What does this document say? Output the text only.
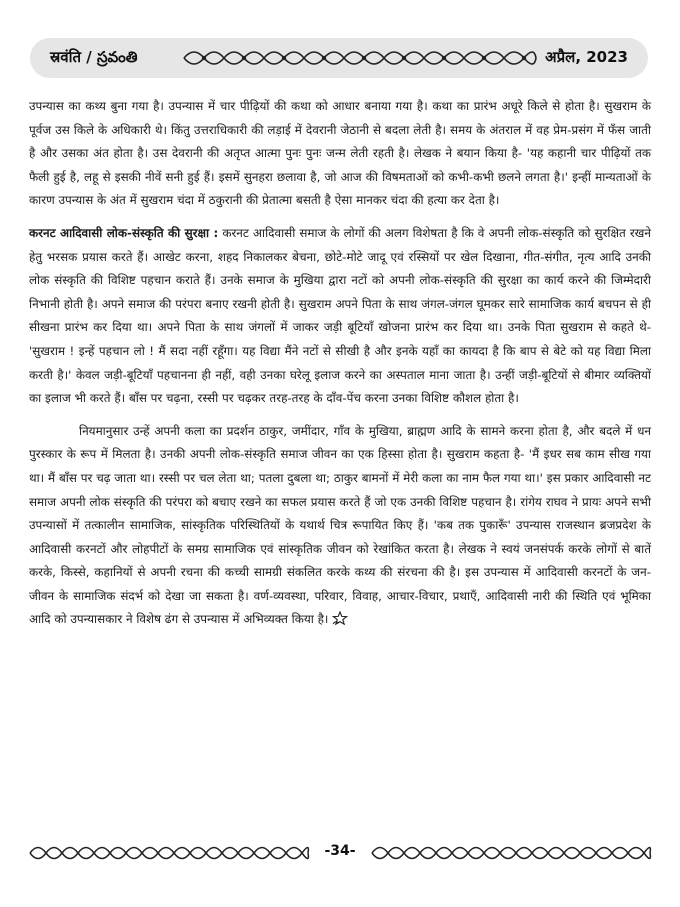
स्रवंति / స్రవంతి	अप्रैल, 2023

उपन्यास का कथ्य बुना गया है। उपन्यास में चार पीढ़ियों की कथा को आधार बनाया गया है। कथा का प्रारंभ अधूरे किले से होता है। सुखराम के पूर्वज उस किले के अधिकारी थे। किंतु उत्तराधिकारी की लड़ाई में देवरानी जेठानी से बदला लेती है। समय के अंतराल में वह प्रेम-प्रसंग में फँस जाती है और उसका अंत होता है। उस देवरानी की अतृप्त आत्मा पुनः पुनः जन्म लेती रहती है। लेखक ने बयान किया है- 'यह कहानी चार पीढ़ियों तक फैली हुई है, लहू से इसकी नीवें सनी हुई हैं। इसमें सुनहरा छलावा है, जो आज की विषमताओं को कभी-कभी छलने लगता है।' इन्हीं मान्यताओं के कारण उपन्यास के अंत में सुखराम चंदा में ठकुरानी की प्रेतात्मा बसती है ऐसा मानकर चंदा की हत्या कर देता है।

करनट आदिवासी लोक-संस्कृति की सुरक्षा : करनट आदिवासी समाज के लोगों की अलग विशेषता है कि वे अपनी लोक-संस्कृति को सुरक्षित रखने हेतु भरसक प्रयास करते हैं। आखेट करना, शहद निकालकर बेचना, छोटे-मोटे जादू एवं रस्सियों पर खेल दिखाना, गीत-संगीत, नृत्य आदि उनकी लोक संस्कृति की विशिष्ट पहचान कराते हैं। उनके समाज के मुखिया द्वारा नटों को अपनी लोक-संस्कृति की सुरक्षा का कार्य करने की जिम्मेदारी निभानी होती है। अपने समाज की परंपरा बनाए रखनी होती है। सुखराम अपने पिता के साथ जंगल-जंगल घूमकर सारे सामाजिक कार्य बचपन से ही सीखना प्रारंभ कर दिया था। अपने पिता के साथ जंगलों में जाकर जड़ी बूटियाँ खोजना प्रारंभ कर दिया था। उनके पिता सुखराम से कहते थे- 'सुखराम ! इन्हें पहचान लो ! मैं सदा नहीं रहूँगा। यह विद्या मैंने नटों से सीखी है और इनके यहाँ का कायदा है कि बाप से बेटे को यह विद्या मिला करती है।' केवल जड़ी-बूटियाँ पहचानना ही नहीं, वही उनका घरेलू इलाज करने का अस्पताल माना जाता है। उन्हीं जड़ी-बूटियों से बीमार व्यक्तियों का इलाज भी करते हैं। बाँस पर चढ़ना, रस्सी पर चढ़कर तरह-तरह के दाँव-पेंच करना उनका विशिष्ट कौशल होता है।

नियमानुसार उन्हें अपनी कला का प्रदर्शन ठाकुर, जमींदार, गाँव के मुखिया, ब्राह्मण आदि के सामने करना होता है, और बदले में धन पुरस्कार के रूप में मिलता है। उनकी अपनी लोक-संस्कृति समाज जीवन का एक हिस्सा होता है। सुखराम कहता है- 'मैं इधर सब काम सीख गया था। मैं बाँस पर चढ़ जाता था। रस्सी पर चल लेता था; पतला दुबला था; ठाकुर बामनों में मेरी कला का नाम फैल गया था।' इस प्रकार आदिवासी नट समाज अपनी लोक संस्कृति की परंपरा को बचाए रखने का सफल प्रयास करते हैं जो एक उनकी विशिष्ट पहचान है। रांगेय राघव ने प्रायः अपने सभी उपन्यासों में तत्कालीन सामाजिक, सांस्कृतिक परिस्थितियों के यथार्थ चित्र रूपायित किए हैं। 'कब तक पुकारूँ' उपन्यास राजस्थान ब्रजप्रदेश के आदिवासी करनटों और लोहपीटों के समग्र सामाजिक एवं सांस्कृतिक जीवन को रेखांकित करता है। लेखक ने स्वयं जनसंपर्क करके लोगों से बातें करके, किस्से, कहानियों से अपनी रचना की कच्ची सामग्री संकलित करके कथ्य की संरचना की है। इस उपन्यास में आदिवासी करनटों के जन-जीवन के सामाजिक संदर्भ को देखा जा सकता है। वर्ण-व्यवस्था, परिवार, विवाह, आचार-विचार, प्रथाएँ, आदिवासी नारी की स्थिति एवं भूमिका आदि को उपन्यासकार ने विशेष ढंग से उपन्यास में अभिव्यक्त किया है।

-34-
